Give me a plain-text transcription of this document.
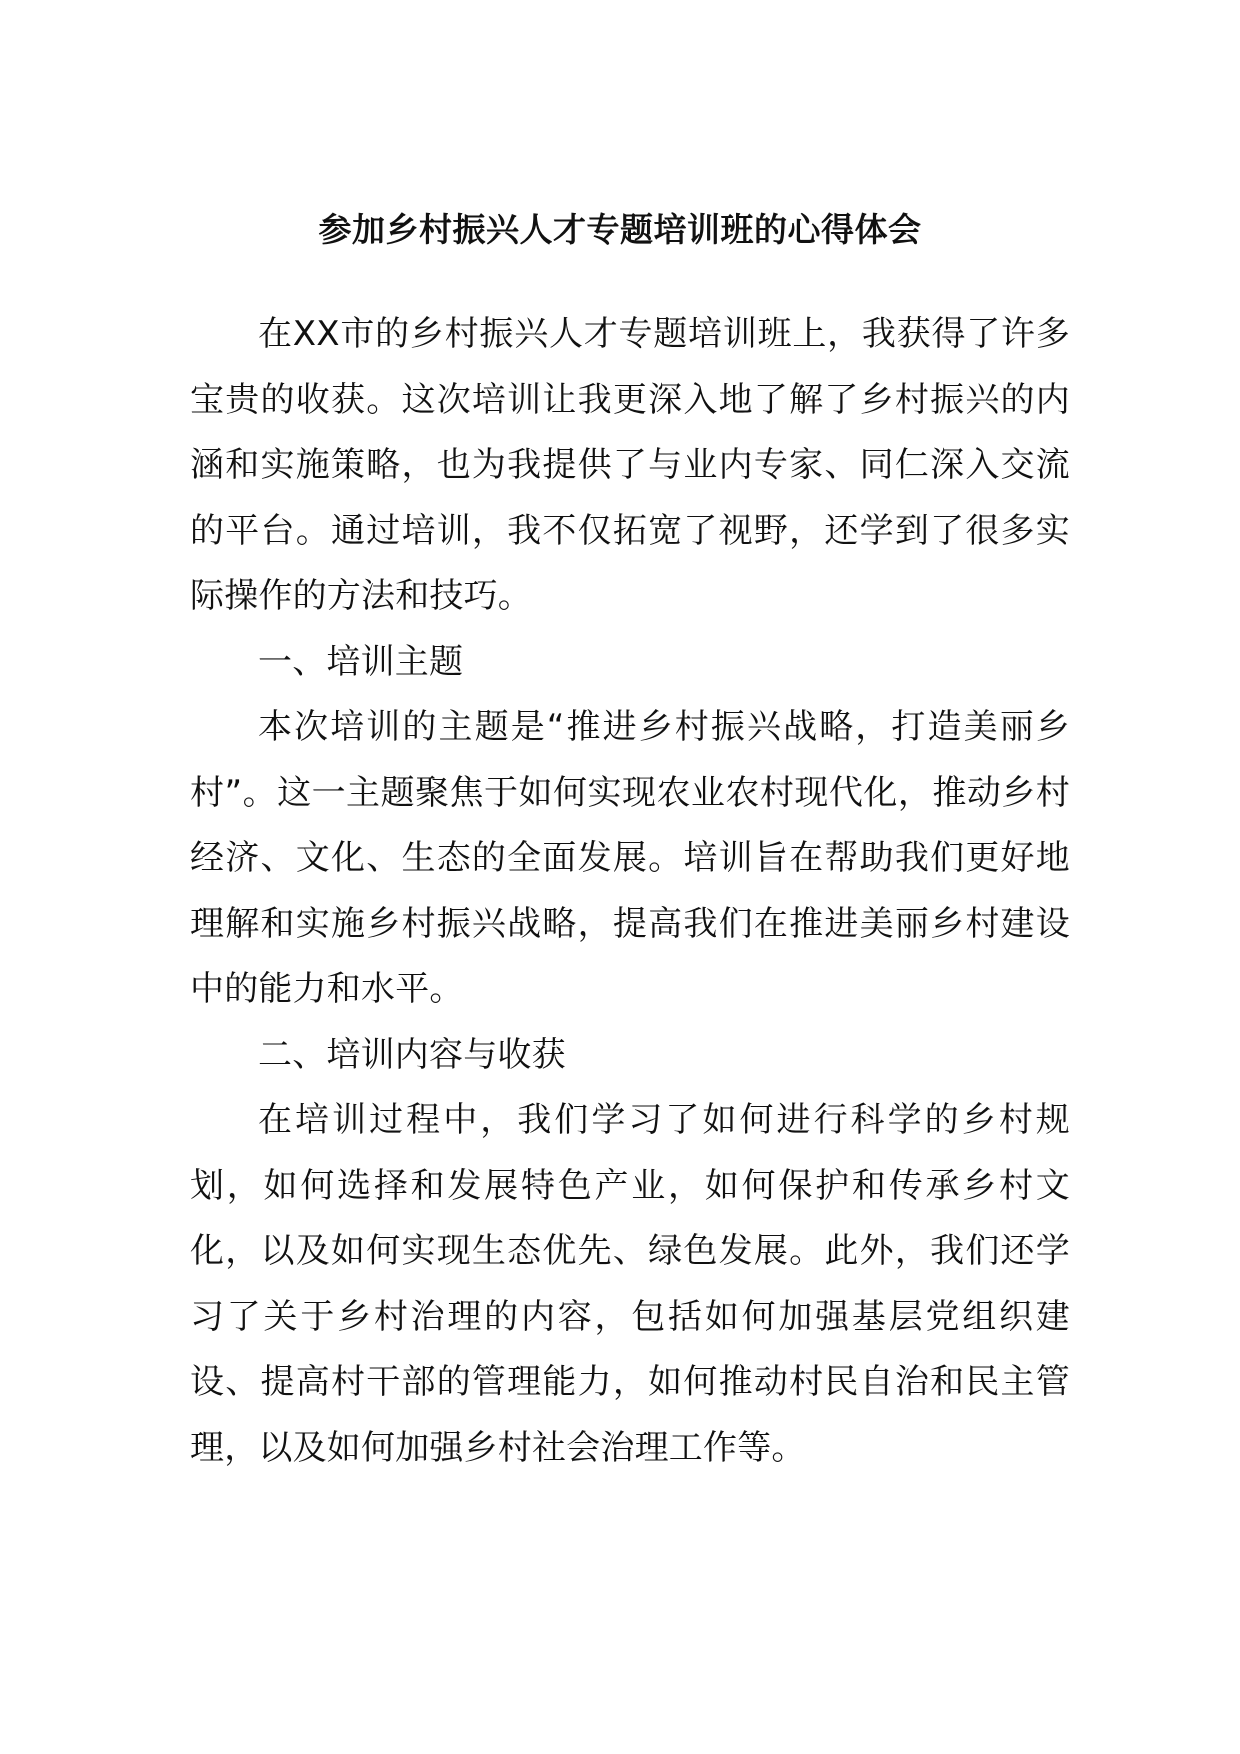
参加乡村振兴人才专题培训班的心得体会

在XX市的乡村振兴人才专题培训班上，我获得了许多宝贵的收获。这次培训让我更深入地了解了乡村振兴的内涵和实施策略，也为我提供了与业内专家、同仁深入交流的平台。通过培训，我不仅拓宽了视野，还学到了很多实际操作的方法和技巧。

一、培训主题

本次培训的主题是“推进乡村振兴战略，打造美丽乡村”。这一主题聚焦于如何实现农业农村现代化，推动乡村经济、文化、生态的全面发展。培训旨在帮助我们更好地理解和实施乡村振兴战略，提高我们在推进美丽乡村建设中的能力和水平。

二、培训内容与收获

在培训过程中，我们学习了如何进行科学的乡村规划，如何选择和发展特色产业，如何保护和传承乡村文化，以及如何实现生态优先、绿色发展。此外，我们还学习了关于乡村治理的内容，包括如何加强基层党组织建设、提高村干部的管理能力，如何推动村民自治和民主管理，以及如何加强乡村社会治理工作等。
